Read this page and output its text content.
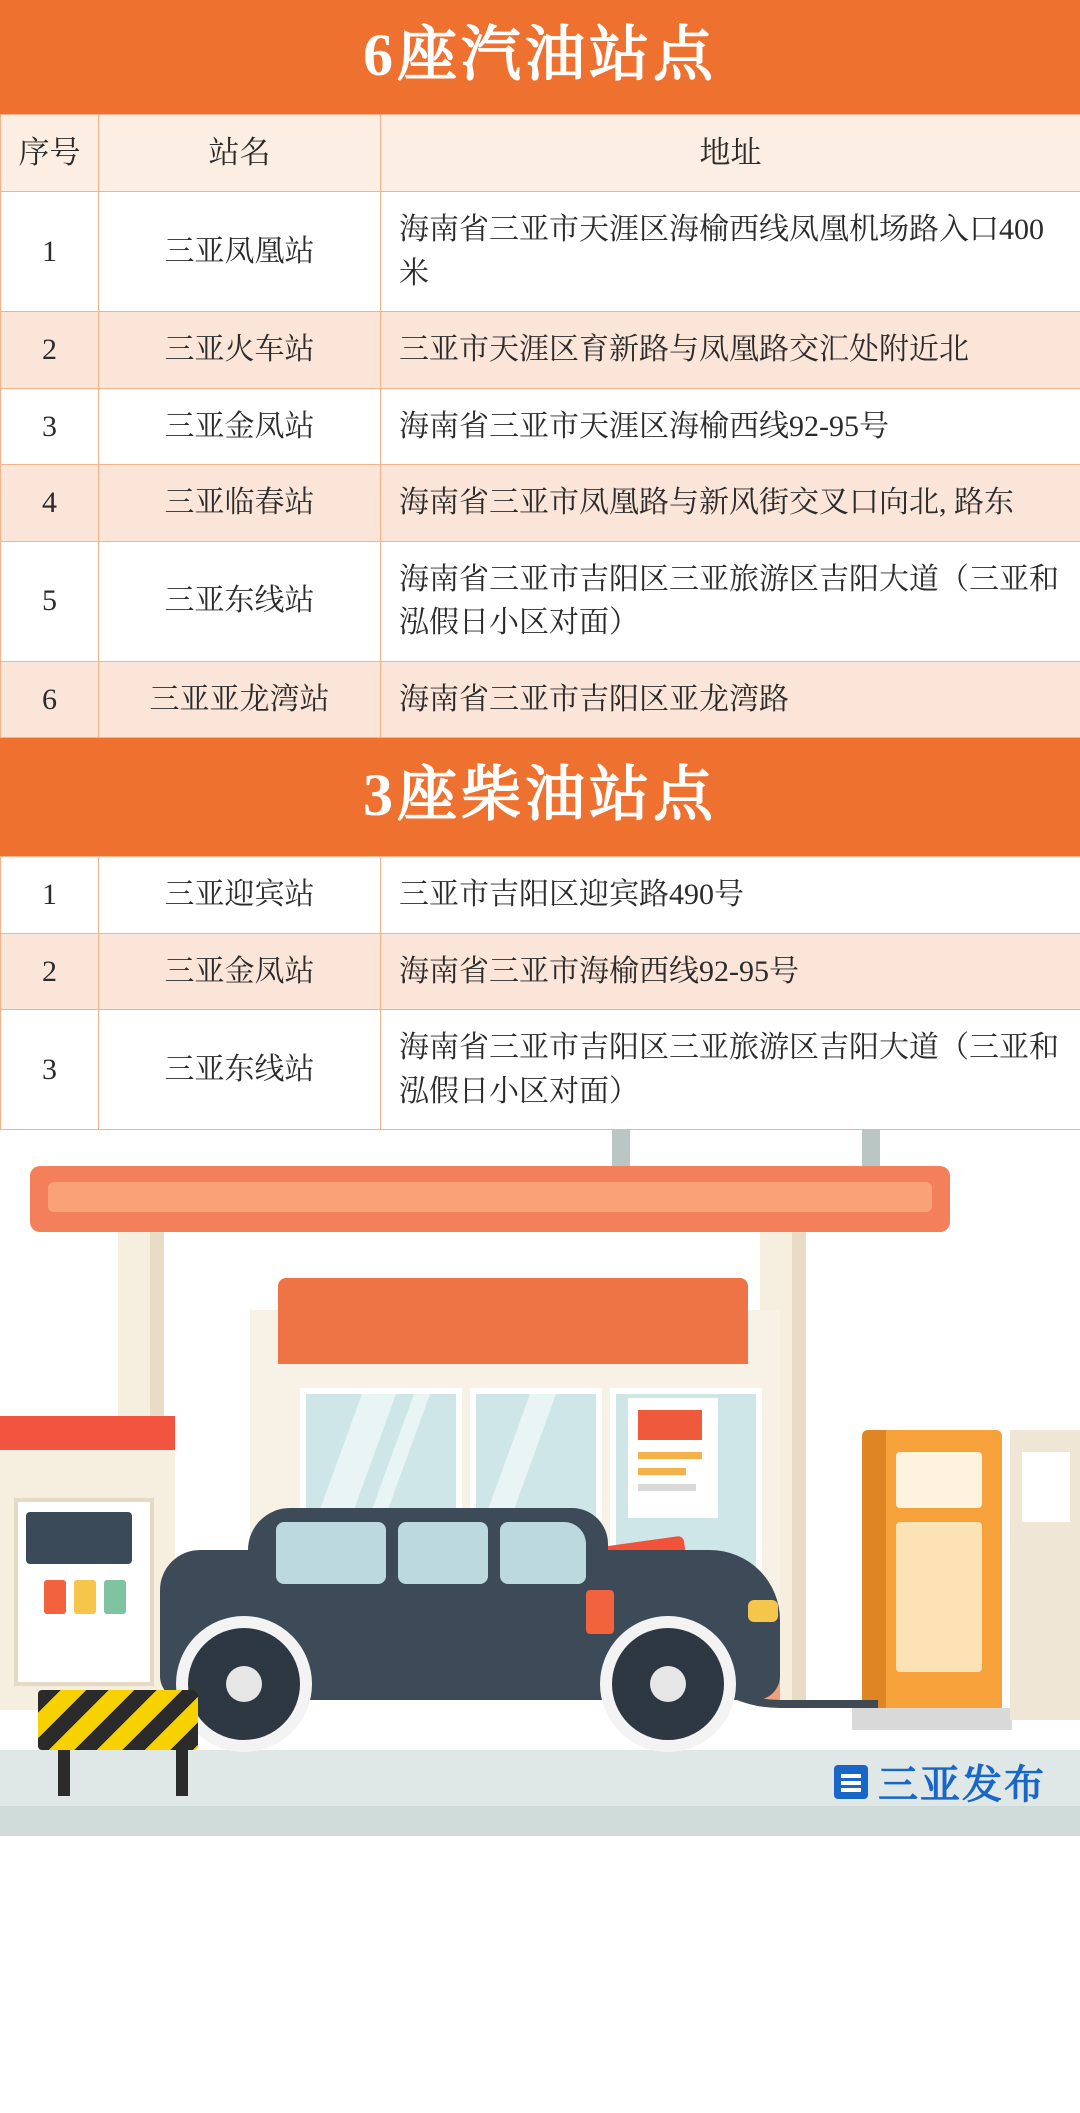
6座汽油站点
序号	站名	地址
1	三亚凤凰站	海南省三亚市天涯区海榆西线凤凰机场路入口400米
2	三亚火车站	三亚市天涯区育新路与凤凰路交汇处附近北
3	三亚金凤站	海南省三亚市天涯区海榆西线92-95号
4	三亚临春站	海南省三亚市凤凰路与新风街交叉口向北, 路东
5	三亚东线站	海南省三亚市吉阳区三亚旅游区吉阳大道（三亚和泓假日小区对面）
6	三亚亚龙湾站	海南省三亚市吉阳区亚龙湾路
3座柴油站点
1	三亚迎宾站	三亚市吉阳区迎宾路490号
2	三亚金凤站	海南省三亚市海榆西线92-95号
3	三亚东线站	海南省三亚市吉阳区三亚旅游区吉阳大道（三亚和泓假日小区对面）
三亚发布
